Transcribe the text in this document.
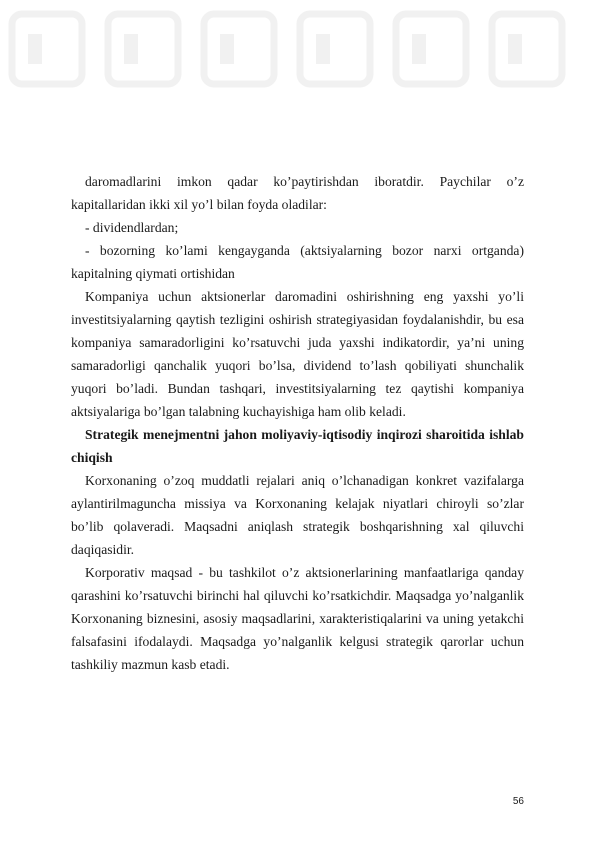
daromadlarini imkon qadar ko’paytirishdan iboratdir. Paychilar o’z kapitallaridan ikki xil yo’l bilan foyda oladilar:

- dividendlardan;

- bozorning ko’lami kengayganda (aktsiyalarning bozor narxi ortganda) kapitalning qiymati ortishidan

Kompaniya uchun aktsionerlar daromadini oshirishning eng yaxshi yo’li investitsiyalarning qaytish tezligini oshirish strategiyasidan foydalanishdir, bu esa kompaniya samaradorligini ko’rsatuvchi juda yaxshi indikatordir, ya’ni uning samaradorligi qanchalik yuqori bo’lsa, dividend to’lash qobiliyati shunchalik yuqori bo’ladi. Bundan tashqari, investitsiyalarning tez qaytishi kompaniya aktsiyalariga bo’lgan talabning kuchayishiga ham olib keladi.

Strategik menejmentni jahon moliyaviy-iqtisodiy inqirozi sharoitida ishlab chiqish

Korxonaning o’zoq muddatli rejalari aniq o’lchanadigan konkret vazifalarga aylantirilmaguncha missiya va Korxonaning kelajak niyatlari chiroyli so’zlar bo’lib qolaveradi. Maqsadni aniqlash strategik boshqarishning xal qiluvchi daqiqasidir.

Korporativ maqsad - bu tashkilot o’z aktsionerlarining manfaatlariga qanday qarashini ko’rsatuvchi birinchi hal qiluvchi ko’rsatkichdir. Maqsadga yo’nalganlik Korxonaning biznesini, asosiy maqsadlarini, xarakteristiqalarini va uning yetakchi falsafasini ifodalaydi. Maqsadga yo’nalganlik kelgusi strategik qarorlar uchun tashkiliy mazmun kasb etadi.

56
